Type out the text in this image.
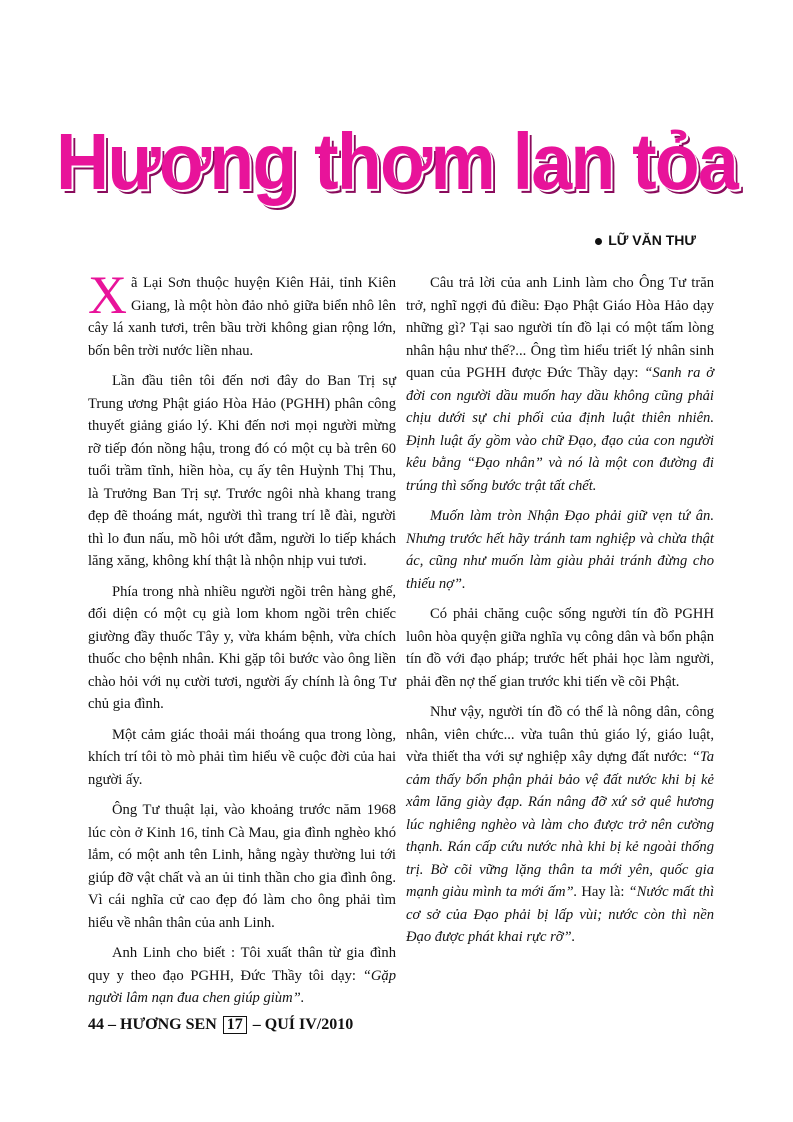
Hương thơm lan tỏa
LỮ VĂN THƯ

Xã Lại Sơn thuộc huyện Kiên Hải, tỉnh Kiên Giang, là một hòn đảo nhỏ giữa biển nhô lên cây lá xanh tươi, trên bầu trời không gian rộng lớn, bốn bên trời nước liền nhau.

Lần đầu tiên tôi đến nơi đây do Ban Trị sự Trung ương Phật giáo Hòa Hảo (PGHH) phân công thuyết giảng giáo lý. Khi đến nơi mọi người mừng rỡ tiếp đón nồng hậu, trong đó có một cụ bà trên 60 tuổi trầm tĩnh, hiền hòa, cụ ấy tên Huỳnh Thị Thu, là Trưởng Ban Trị sự. Trước ngôi nhà khang trang đẹp đẽ thoáng mát, người thì trang trí lễ đài, người thì lo đun nấu, mồ hôi ướt đẫm, người lo tiếp khách lăng xăng, không khí thật là nhộn nhịp vui tươi.

Phía trong nhà nhiều người ngồi trên hàng ghế, đối diện có một cụ già lom khom ngồi trên chiếc giường đầy thuốc Tây y, vừa khám bệnh, vừa chích thuốc cho bệnh nhân. Khi gặp tôi bước vào ông liền chào hỏi với nụ cười tươi, người ấy chính là ông Tư chủ gia đình.

Một cảm giác thoải mái thoáng qua trong lòng, khích trí tôi tò mò phải tìm hiểu về cuộc đời của hai người ấy.

Ông Tư thuật lại, vào khoảng trước năm 1968 lúc còn ở Kinh 16, tỉnh Cà Mau, gia đình nghèo khó lắm, có một anh tên Linh, hằng ngày thường lui tới giúp đỡ vật chất và an ủi tinh thần cho gia đình ông. Vì cái nghĩa cử cao đẹp đó làm cho ông phải tìm hiểu về nhân thân của anh Linh.

Anh Linh cho biết : Tôi xuất thân từ gia đình quy y theo đạo PGHH, Đức Thầy tôi dạy: “Gặp người lâm nạn đua chen giúp giùm”.

Câu trả lời của anh Linh làm cho Ông Tư trăn trở, nghĩ ngợi đủ điều: Đạo Phật Giáo Hòa Hảo dạy những gì? Tại sao người tín đồ lại có một tấm lòng nhân hậu như thế?... Ông tìm hiểu triết lý nhân sinh quan của PGHH được Đức Thầy dạy: “Sanh ra ở đời con người dầu muốn hay dầu không cũng phải chịu dưới sự chi phối của định luật thiên nhiên. Định luật ấy gồm vào chữ Đạo, đạo của con người kêu bằng “Đạo nhân” và nó là một con đường đi trúng thì sống bước trật tất chết.

Muốn làm tròn Nhận Đạo phải giữ vẹn tứ ân. Nhưng trước hết hãy tránh tam nghiệp và chừa thật ác, cũng như muốn làm giàu phải tránh đừng cho thiếu nợ”.

Có phải chăng cuộc sống người tín đồ PGHH luôn hòa quyện giữa nghĩa vụ công dân và bổn phận tín đồ với đạo pháp; trước hết phải học làm người, phải đền nợ thế gian trước khi tiến về cõi Phật.

Như vậy, người tín đồ có thể là nông dân, công nhân, viên chức... vừa tuân thủ giáo lý, giáo luật, vừa thiết tha với sự nghiệp xây dựng đất nước: “Ta cảm thấy bổn phận phải bảo vệ đất nước khi bị kẻ xâm lăng giày đạp. Rán nâng đỡ xứ sở quê hương lúc nghiêng nghèo và làm cho được trở nên cường thạnh. Rán cấp cứu nước nhà khi bị kẻ ngoài thống trị. Bờ cõi vững lặng thân ta mới yên, quốc gia mạnh giàu mình ta mới ấm”. Hay là: “Nước mất thì cơ sở của Đạo phải bị lấp vùi; nước còn thì nền Đạo được phát khai rực rỡ”.

44 – HƯƠNG SEN 17 – QUÍ IV/2010
